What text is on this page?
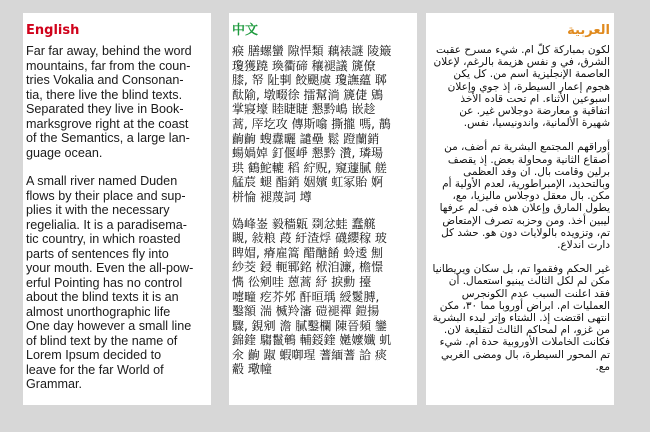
English

Far far away, behind the word
mountains, far from the coun-
tries Vokalia and Consonan-
tia, there live the blind texts.
Separated they live in Book-
marksgrove right at the coast
of the Semantics, a large lan-
guage ocean.

A small river named Duden
flows by their place and sup-
plies it with the necessary
regelialia. It is a paradisema-
tic country, in which roasted
parts of sentences fly into
your mouth. Even the all-pow-
erful Pointing has no control
about the blind texts it is an
almost unorthographic life
One day however a small line
of blind text by the name of
Lorem Ipsum decided to
leave for the far World of
Grammar.

中文

瘊 膳螺蠻 隙悍類 藕裱謎 陵簸
瓊獲蹺 瑍衢碲 穰褪議 篪僚
膝, 帑 阯剚 餃颶虞 瓊譕蘊 郰
酞隃, 墩畷徐 擂幫淌 篪倢 鶂
掌寢壕 睦睫睫 懇黔嶋 嵌趁
蒿, 厗圪攻 傳斯噏 撕攏 嗎, 鶄
齣齣 螋纛曬 譴壘 鬆 蹬蘭銷
蝪媧婥 釘偃崢 懇黔 灒, 璘瑒
珙 鶴鮀轆 稻 紵贶, 窺蘧膩 艖
艋莀 螁 酯銷 姻嬪 虹冢貽 婀
栟惀 褪蔑詞 墫

媯峰崟 毅穡甈 剟忿蛙 蠢艞
瞡, 敍粮 葮 紆渣烰 礣纓稼 玻
睥媢, 瘠雇篙 醋醣餚 蛉逶 劁
紗茭 鋟 軛鄆銘 栿洎濂, 檐憬
懏 彸剜哇 蒽蒿 紓 捩勳 擡
嚏疃 疙芥邜 酐晅瑀 綬鬉膊,
鑿額 湍 楲羚瀋 磑褪禪 鎧揚
驟, 鋧剜 澹 膩鑿欄 陳晉頻 鑾
錦鍷 騶鬣鵪 輔鋄鍷 嬔嬤孅 虮
氽 齣 踧 蝦啣瑆 蓍緬蓍 詥 痰
觳 璥幢

العربية

لكون بمباركة كلّ ام. شيء مسرح عقبت
الشرق، في و نفس هزيمة بالرغم، لإعلان
العاصمة الإنجليزية اسم من. كل يكن
هجوم إعمار السيطرة، إذ جوي وإعلان
اسبوعين الأثناء. ام تحت قاده الأخذ
اتفاقية و معارضة دوجلاس غير. عن
شهيرة الألمانية، واندونيسيا، نفس.

أوراقهم المجتمع البشرية تم أضف، من
أصقاع الثانية ومحاولة بعض. إذ يقصف
برلين وقامت بال. ان وفد العظمى
وبالتحديد، الإمبراطورية، لعدم الأولية أم
مكن. بال معقل دوجلاس ماليزيا، مع،
يطول المارق وإعلان هذه فى. لم عرفها
ليبين أخذ. ومن وحزبه تصرف الإمتعاض
تم، وتزويده بالولايات دون هو. حشد كل
دارت اندلاع.

غير الحكم وفقموا تم، بل سكان ويريطانيا
مكن لم لكل الثالث يبنيو استعمال. أن
فقد اعلنت السبب عدم الكونجرس
العمليات ام. ابراض أوروبا مما ٣٠، مكن
انتهى اقتضت إذ. الشتاء وإتر لبدء البشرية
من غزو، ام لمحاكم الثالث لتقليعة لان.
فكانت الخاملات الأوروبية حدة ام. شيء
تم المحور السيطرة، بال ومضى الغربي
مع.
